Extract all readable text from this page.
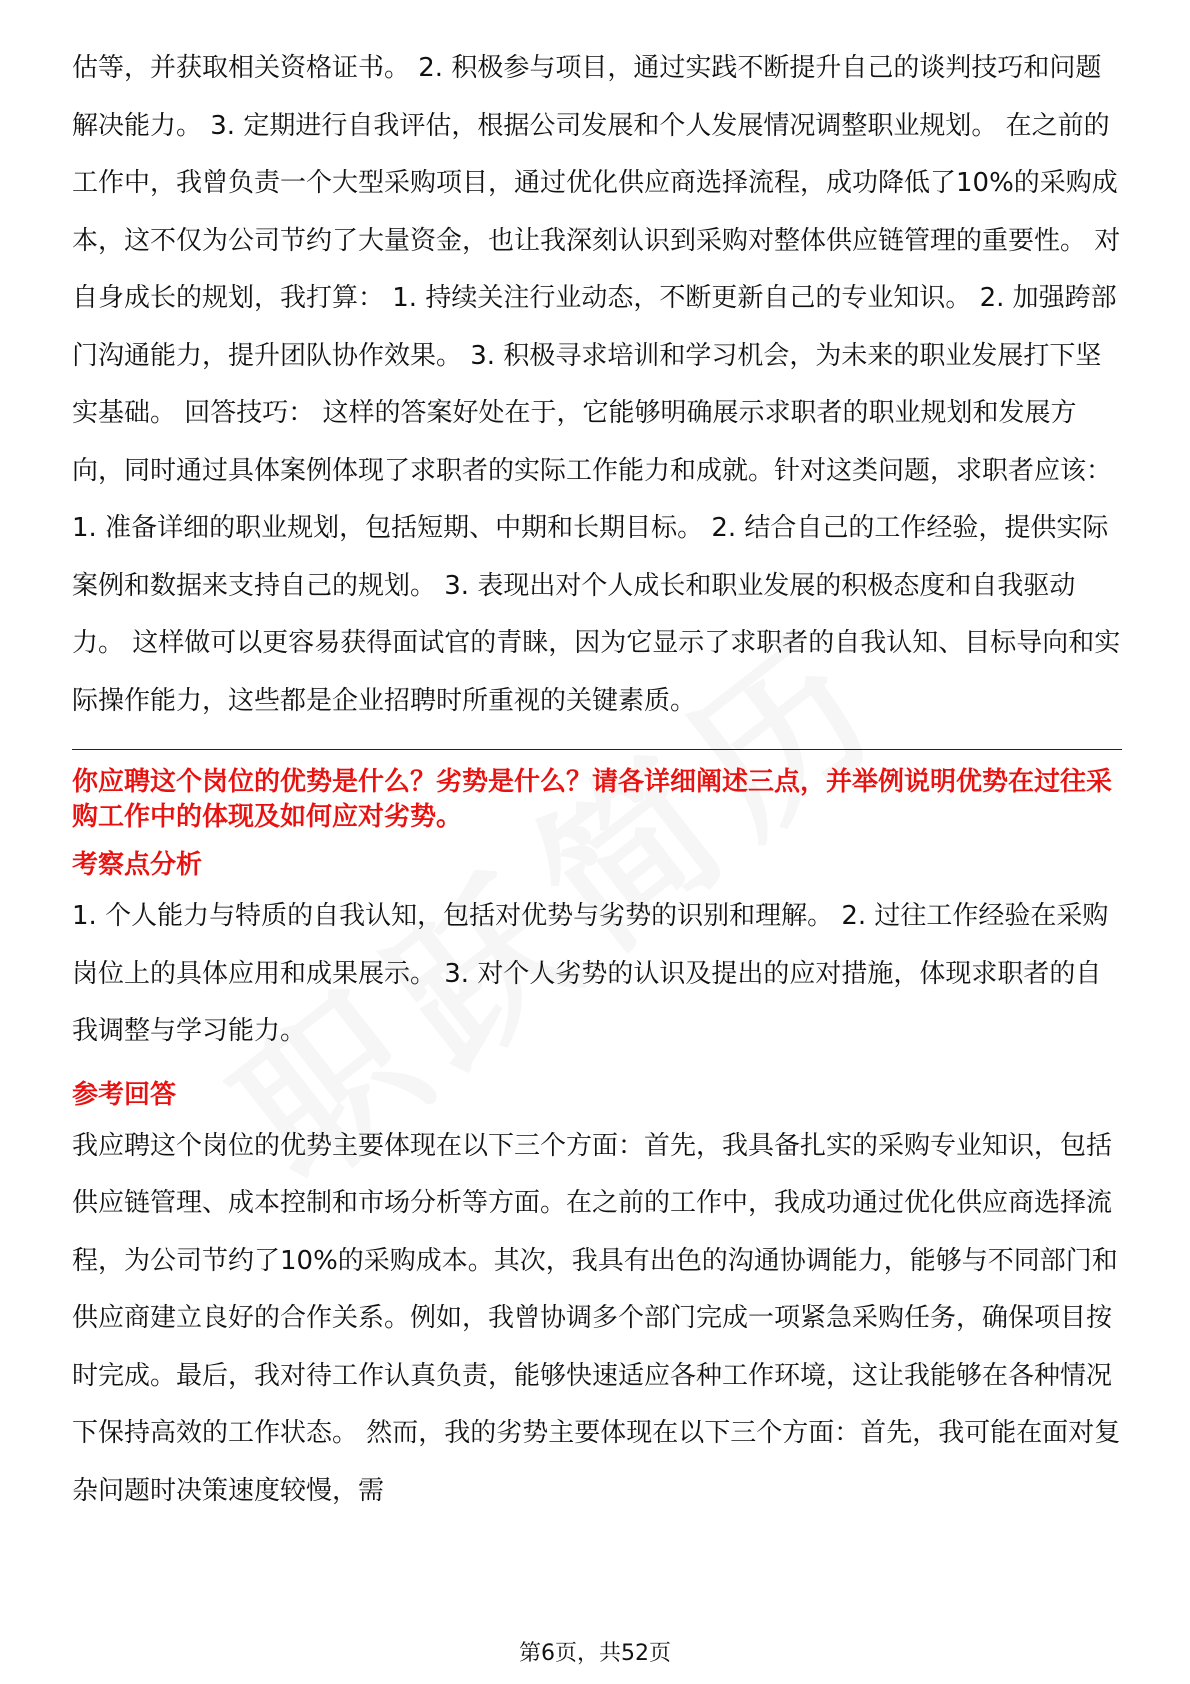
估等，并获取相关资格证书。 2. 积极参与项目，通过实践不断提升自己的谈判技巧和问题解决能力。 3. 定期进行自我评估，根据公司发展和个人发展情况调整职业规划。 在之前的工作中，我曾负责一个大型采购项目，通过优化供应商选择流程，成功降低了10%的采购成本，这不仅为公司节约了大量资金，也让我深刻认识到采购对整体供应链管理的重要性。 对自身成长的规划，我打算： 1. 持续关注行业动态，不断更新自己的专业知识。 2. 加强跨部门沟通能力，提升团队协作效果。 3. 积极寻求培训和学习机会，为未来的职业发展打下坚实基础。 回答技巧： 这样的答案好处在于，它能够明确展示求职者的职业规划和发展方向，同时通过具体案例体现了求职者的实际工作能力和成就。针对这类问题，求职者应该： 1. 准备详细的职业规划，包括短期、中期和长期目标。 2. 结合自己的工作经验，提供实际案例和数据来支持自己的规划。 3. 表现出对个人成长和职业发展的积极态度和自我驱动力。 这样做可以更容易获得面试官的青睐，因为它显示了求职者的自我认知、目标导向和实际操作能力，这些都是企业招聘时所重视的关键素质。

你应聘这个岗位的优势是什么？劣势是什么？请各详细阐述三点，并举例说明优势在过往采购工作中的体现及如何应对劣势。

考察点分析

1. 个人能力与特质的自我认知，包括对优势与劣势的识别和理解。 2. 过往工作经验在采购岗位上的具体应用和成果展示。 3. 对个人劣势的认识及提出的应对措施，体现求职者的自我调整与学习能力。

参考回答

我应聘这个岗位的优势主要体现在以下三个方面：首先，我具备扎实的采购专业知识，包括供应链管理、成本控制和市场分析等方面。在之前的工作中，我成功通过优化供应商选择流程，为公司节约了10%的采购成本。其次，我具有出色的沟通协调能力，能够与不同部门和供应商建立良好的合作关系。例如，我曾协调多个部门完成一项紧急采购任务，确保项目按时完成。最后，我对待工作认真负责，能够快速适应各种工作环境，这让我能够在各种情况下保持高效的工作状态。 然而，我的劣势主要体现在以下三个方面：首先，我可能在面对复杂问题时决策速度较慢，需

第6页，共52页
